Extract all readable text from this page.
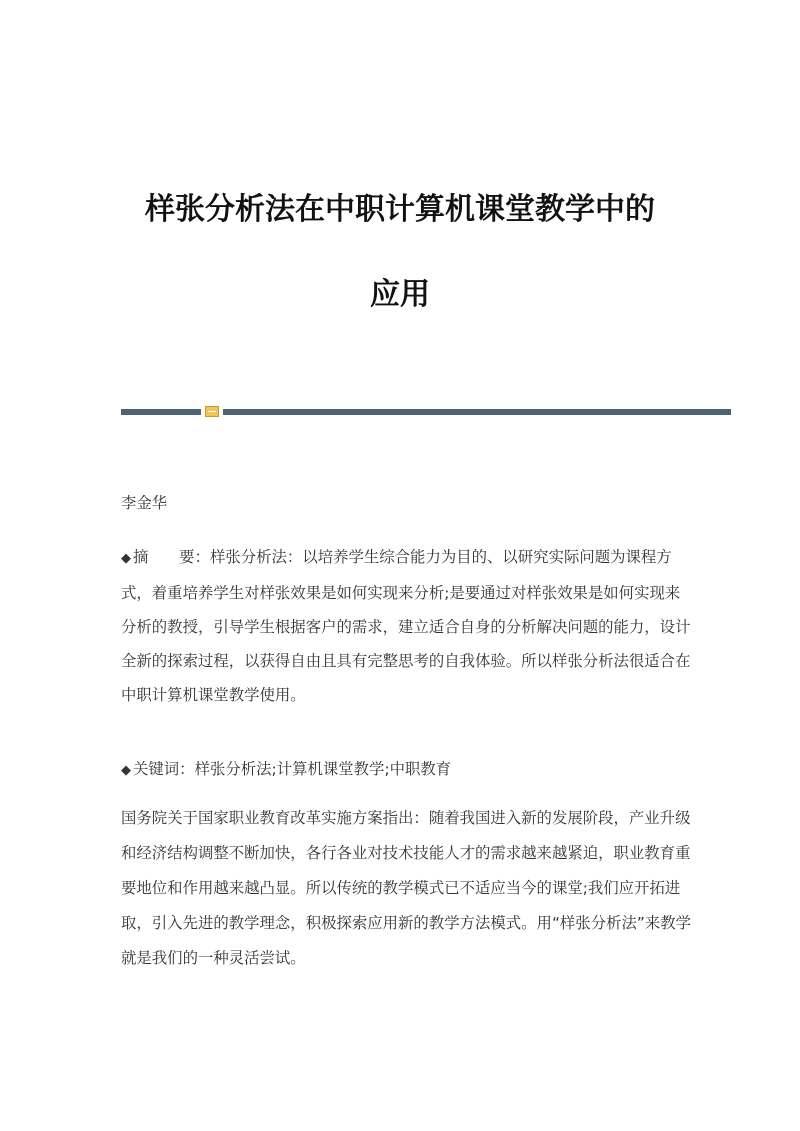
样张分析法在中职计算机课堂教学中的
应用
李金华
◆ 摘　　要：样张分析法：以培养学生综合能力为目的、以研究实际问题为课程方式，着重培养学生对样张效果是如何实现来分析;是要通过对样张效果是如何实现来分析的教授，引导学生根据客户的需求，建立适合自身的分析解决问题的能力，设计全新的探索过程，以获得自由且具有完整思考的自我体验。所以样张分析法很适合在中职计算机课堂教学使用。
◆ 关键词：样张分析法;计算机课堂教学;中职教育
国务院关于国家职业教育改革实施方案指出：随着我国进入新的发展阶段，产业升级和经济结构调整不断加快，各行各业对技术技能人才的需求越来越紧迫，职业教育重要地位和作用越来越凸显。所以传统的教学模式已不适应当今的课堂;我们应开拓进取，引入先进的教学理念，积极探索应用新的教学方法模式。用“样张分析法”来教学就是我们的一种灵活尝试。
